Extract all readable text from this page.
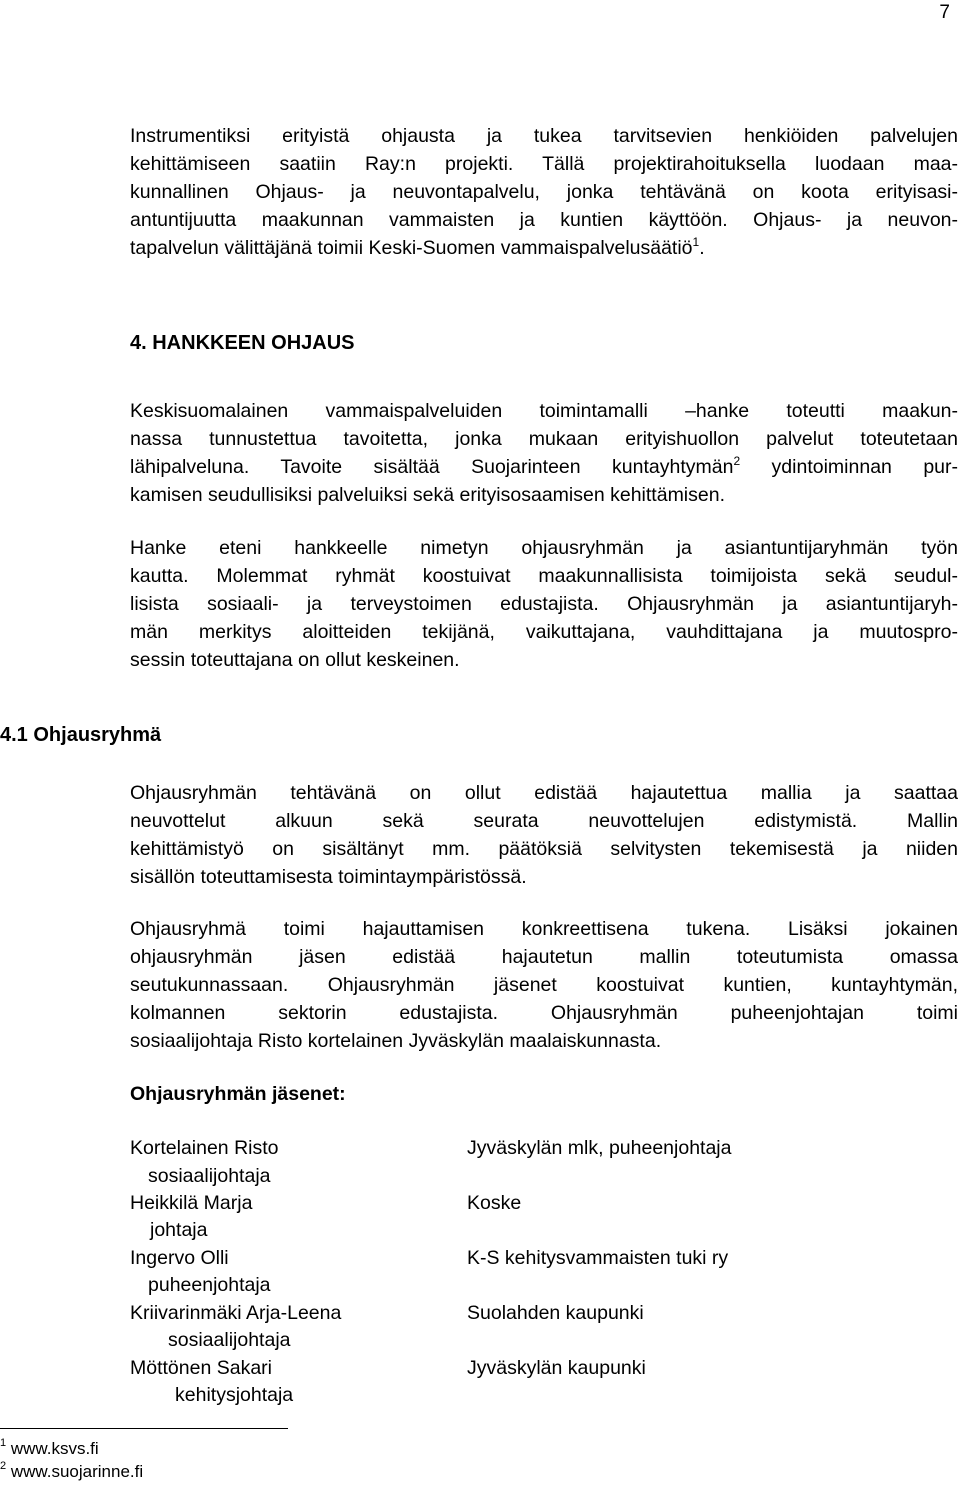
7

Instrumentiksi erityistä ohjausta ja tukea tarvitsevien henkiöiden palvelujen
kehittämiseen saatiin Ray:n projekti. Tällä projektirahoituksella luodaan maa-
kunnallinen Ohjaus- ja neuvontapalvelu, jonka tehtävänä on koota erityisasi-
antuntijuutta maakunnan vammaisten ja kuntien käyttöön. Ohjaus- ja neuvon-
tapalvelun välittäjänä toimii Keski-Suomen vammaispalvelusäätiö$^1$.

4. HANKKEEN OHJAUS

Keskisuomalainen vammaispalveluiden toimintamalli –hanke toteutti maakun-
nassa tunnustettua tavoitetta, jonka mukaan erityishuollon palvelut toteutetaan
lähipalveluna. Tavoite sisältää Suojarinteen kuntayhtymän$^2$ ydintoiminnan pur-
kamisen seudullisiksi palveluiksi sekä erityisosaamisen kehittämisen.

Hanke eteni hankkeelle nimetyn ohjausryhmän ja asiantuntijaryhmän työn
kautta. Molemmat ryhmät koostuivat maakunnallisista toimijoista sekä seudul-
lisista sosiaali- ja terveystoimen edustajista. Ohjausryhmän ja asiantuntijaryh-
män merkitys aloitteiden tekijänä, vaikuttajana, vauhdittajana ja muutospro-
sessin toteuttajana on ollut keskeinen.

4.1 Ohjausryhmä

Ohjausryhmän tehtävänä on ollut edistää hajautettua mallia ja saattaa
neuvottelut alkuun sekä seurata neuvottelujen edistymistä. Mallin
kehittämistyö on sisältänyt mm. päätöksiä selvitysten tekemisestä ja niiden
sisällön toteuttamisesta toimintaympäristössä.

Ohjausryhmä toimi hajauttamisen konkreettisena tukena. Lisäksi jokainen
ohjausryhmän jäsen edistää hajautetun mallin toteutumista omassa
seutukunnassaan. Ohjausryhmän jäsenet koostuivat kuntien, kuntayhtymän,
kolmannen sektorin edustajista. Ohjausryhmän puheenjohtajan toimi
sosiaalijohtaja Risto kortelainen Jyväskylän maalaiskunnasta.

Ohjausryhmän jäsenet:

Kortelainen Risto
sosiaalijohtaja
Jyväskylän mlk, puheenjohtaja
Heikkilä Marja
johtaja
Koske
Ingervo Olli
puheenjohtaja
K-S kehitysvammaisten tuki ry
Kriivarinmäki Arja-Leena
sosiaalijohtaja
Suolahden kaupunki
Möttönen Sakari
kehitysjohtaja
Jyväskylän kaupunki
$^1$ www.ksvs.fi
$^2$ www.suojarinne.fi
